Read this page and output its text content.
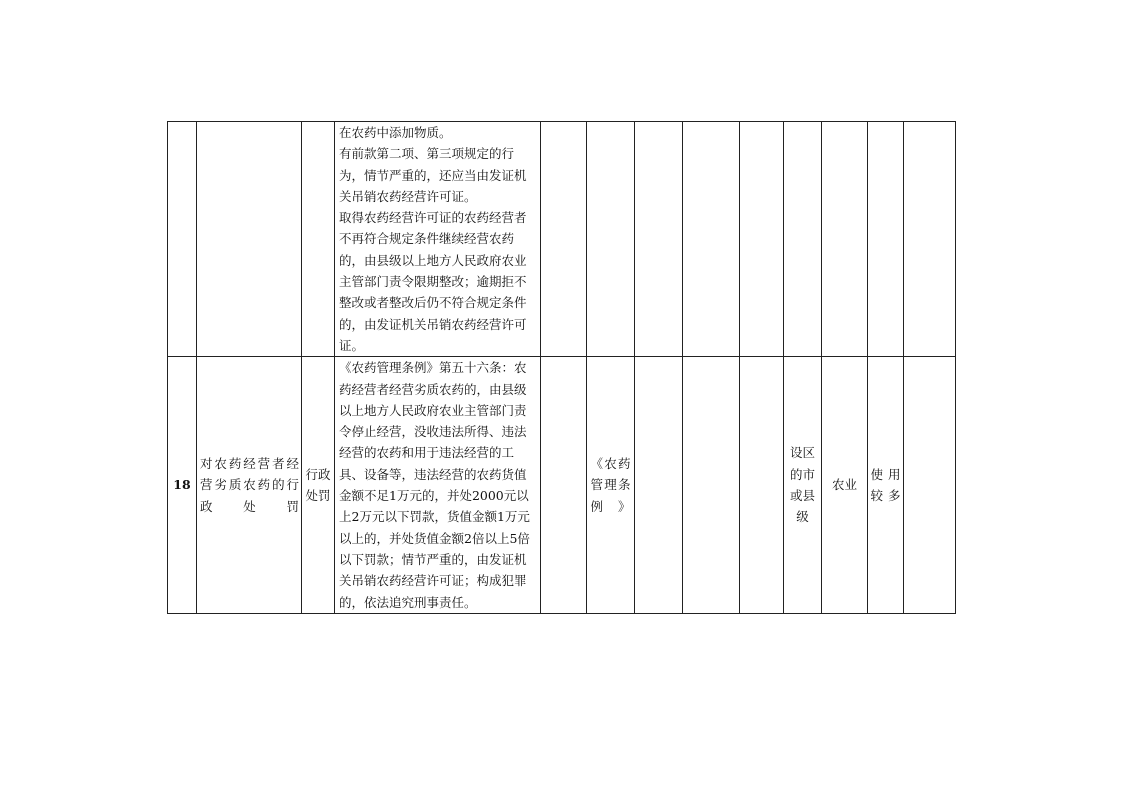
			在农药中添加物质。

有前款第二项、第三项规定的行为，情节严重的，还应当由发证机关吊销农药经营许可证。

取得农药经营许可证的农药经营者不再符合规定条件继续经营农药的，由县级以上地方人民政府农业主管部门责令限期整改；逾期拒不整改或者整改后仍不符合规定条件的，由发证机关吊销农药经营许可证。									

18	对农药经营者经营劣质农药的行政处罚	行政处罚	《农药管理条例》第五十六条：农药经营者经营劣质农药的，由县级以上地方人民政府农业主管部门责令停止经营，没收违法所得、违法经营的农药和用于违法经营的工具、设备等，违法经营的农药货值金额不足1万元的，并处2000元以上2万元以下罚款，货值金额1万元以上的，并处货值金额2倍以上5倍以下罚款；情节严重的，由发证机关吊销农药经营许可证；构成犯罪的，依法追究刑事责任。		《农药管理条例》				设区的市或县级	农业	使用较多	
